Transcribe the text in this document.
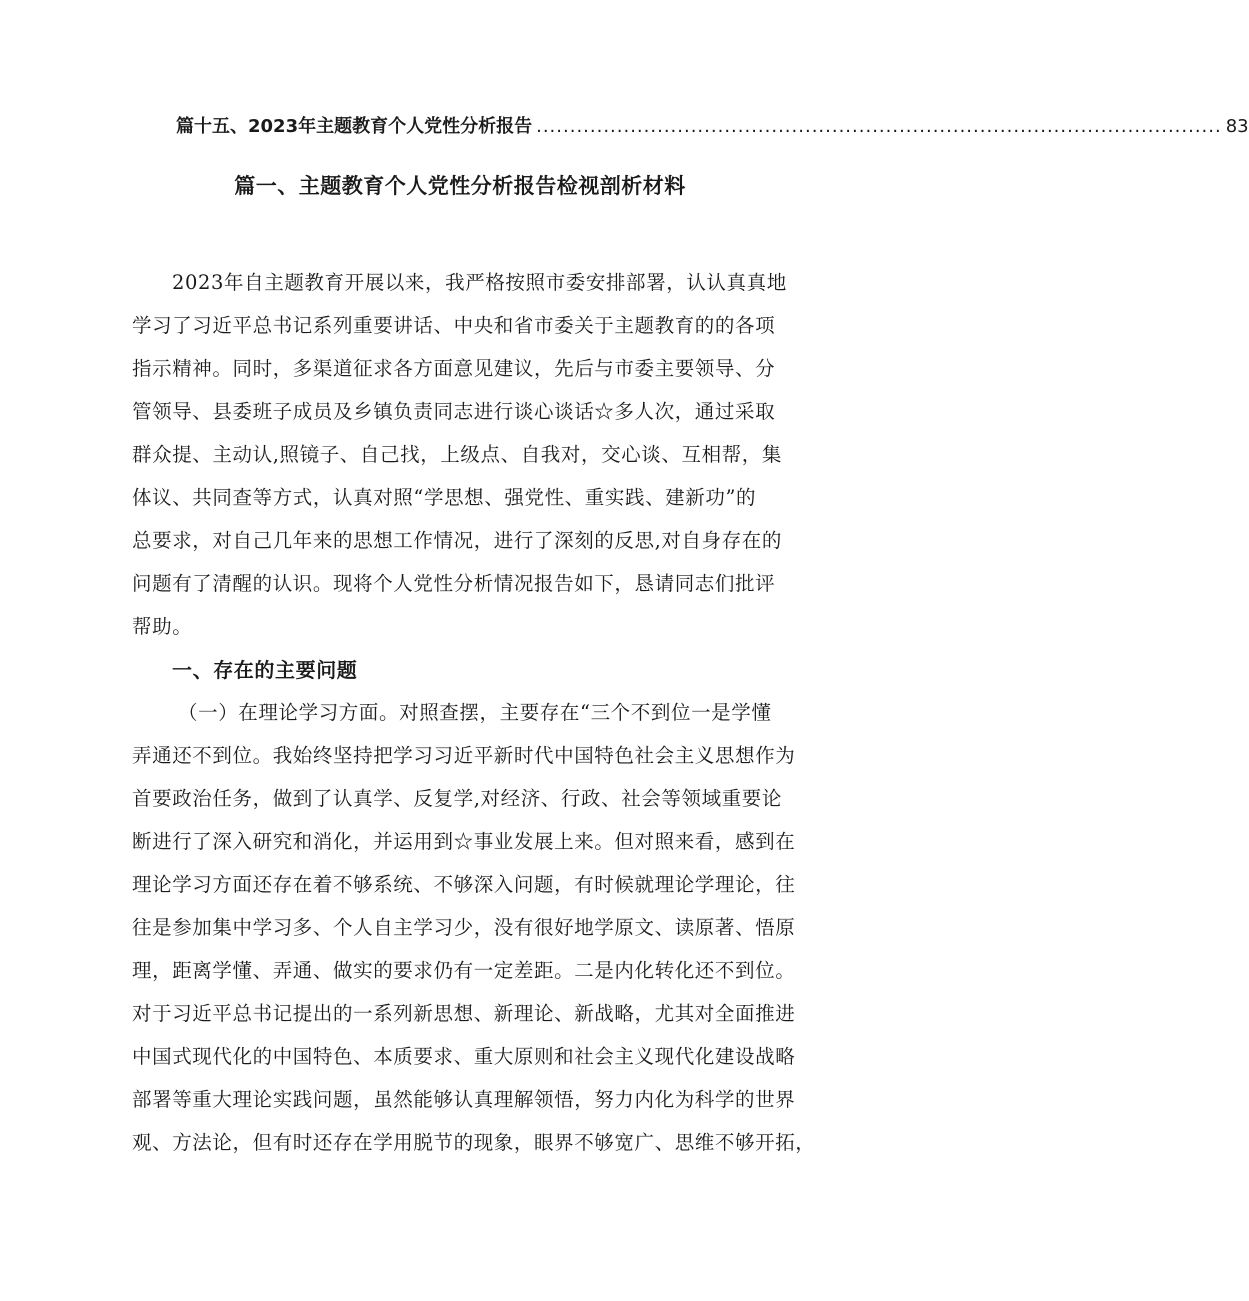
篇十五、2023年主题教育个人党性分析报告 ...................................................................................................... 83
篇一、主题教育个人党性分析报告检视剖析材料
2023年自主题教育开展以来，我严格按照市委安排部署，认认真真地
学习了习近平总书记系列重要讲话、中央和省市委关于主题教育的的各项
指示精神。同时，多渠道征求各方面意见建议，先后与市委主要领导、分
管领导、县委班子成员及乡镇负责同志进行谈心谈话☆多人次，通过采取
群众提、主动认,照镜子、自己找，上级点、自我对，交心谈、互相帮，集
体议、共同查等方式，认真对照“学思想、强党性、重实践、建新功”的
总要求，对自己几年来的思想工作情况，进行了深刻的反思,对自身存在的
问题有了清醒的认识。现将个人党性分析情况报告如下，恳请同志们批评
帮助。
一、存在的主要问题
（一）在理论学习方面。对照查摆，主要存在“三个不到位一是学懂
弄通还不到位。我始终坚持把学习习近平新时代中国特色社会主义思想作为
首要政治任务，做到了认真学、反复学,对经济、行政、社会等领域重要论
断进行了深入研究和消化，并运用到☆事业发展上来。但对照来看，感到在
理论学习方面还存在着不够系统、不够深入问题，有时候就理论学理论，往
往是参加集中学习多、个人自主学习少，没有很好地学原文、读原著、悟原
理，距离学懂、弄通、做实的要求仍有一定差距。二是内化转化还不到位。
对于习近平总书记提出的一系列新思想、新理论、新战略，尤其对全面推进
中国式现代化的中国特色、本质要求、重大原则和社会主义现代化建设战略
部署等重大理论实践问题，虽然能够认真理解领悟，努力内化为科学的世界
观、方法论，但有时还存在学用脱节的现象，眼界不够宽广、思维不够开拓，
